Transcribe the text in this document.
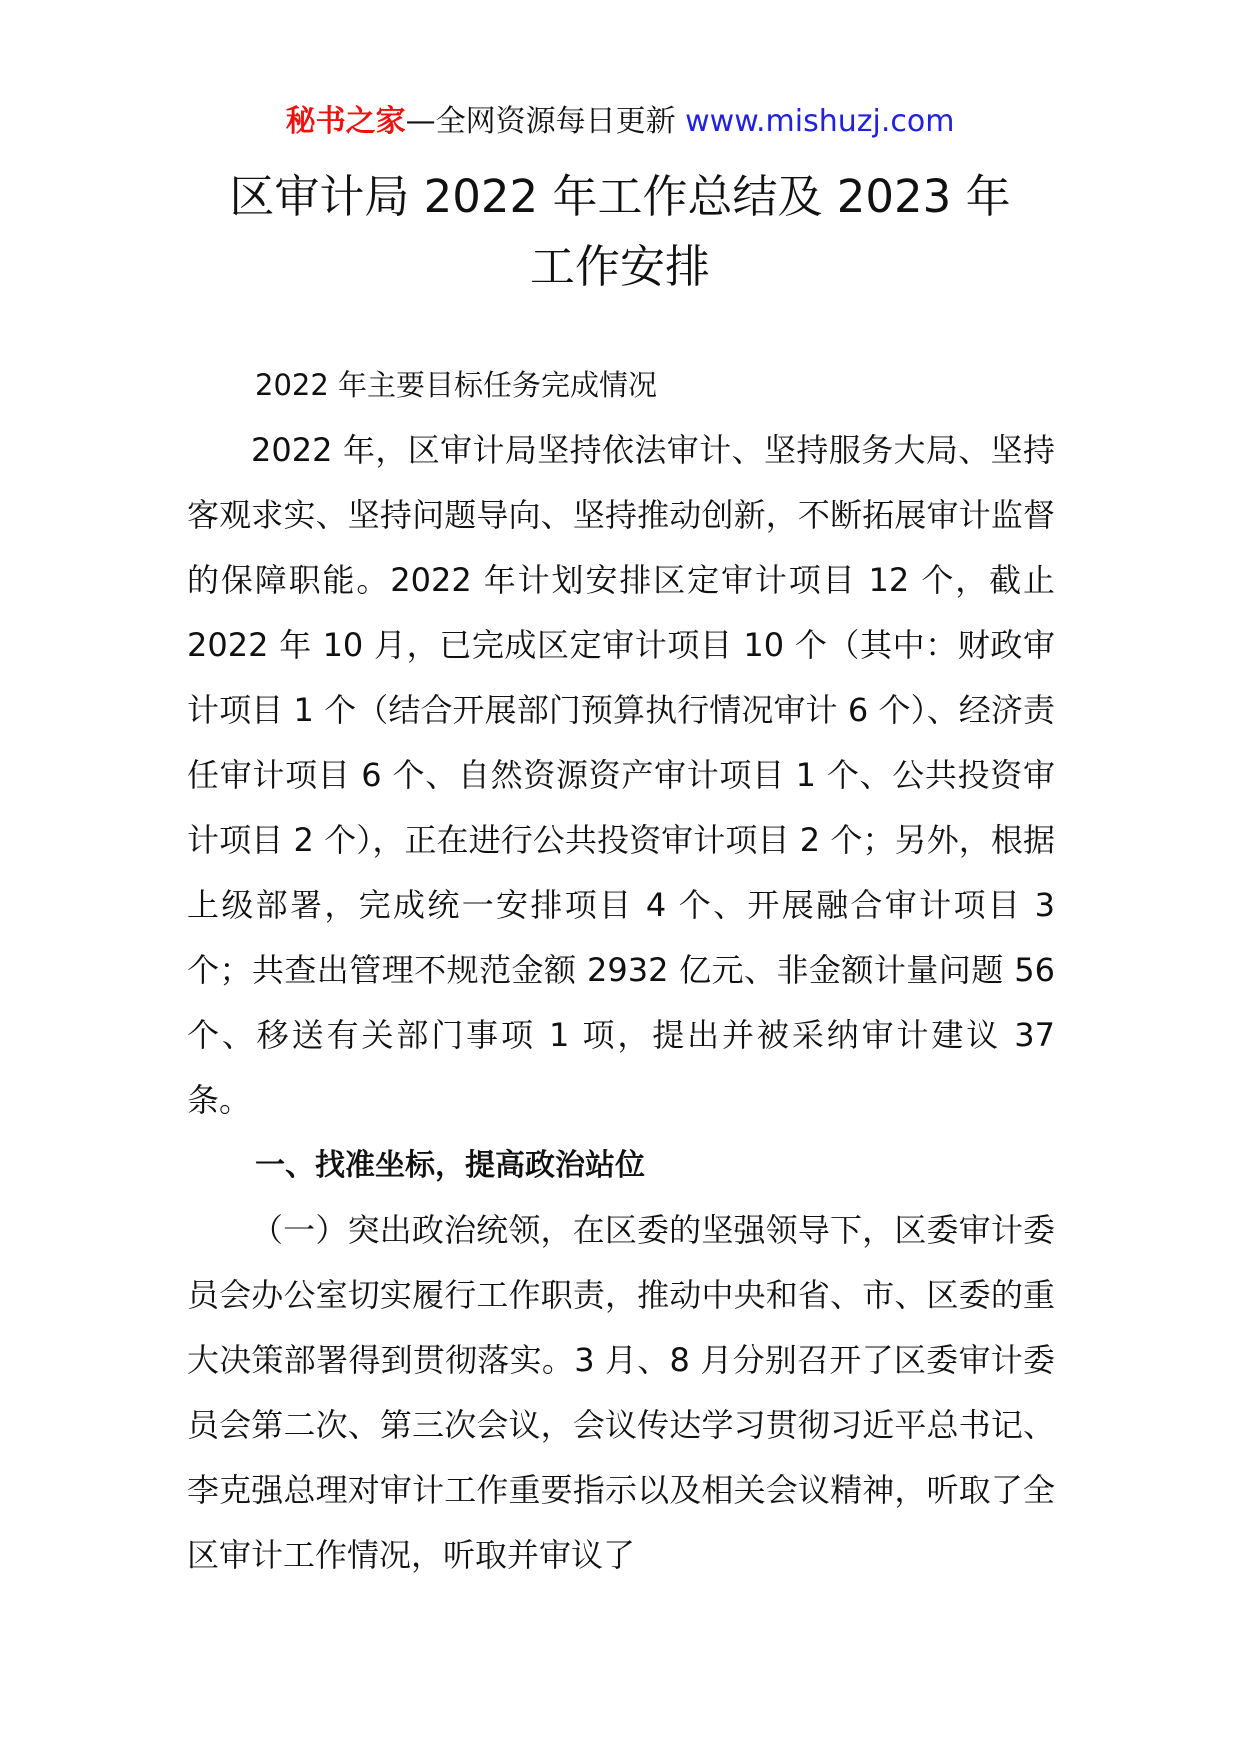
秘书之家—全网资源每日更新 www.mishuzj.com
区审计局 2022 年工作总结及 2023 年
工作安排

2022 年主要目标任务完成情况

2022 年，区审计局坚持依法审计、坚持服务大局、坚持客观求实、坚持问题导向、坚持推动创新，不断拓展审计监督的保障职能。2022 年计划安排区定审计项目 12 个，截止 2022 年 10 月，已完成区定审计项目 10 个（其中：财政审计项目 1 个（结合开展部门预算执行情况审计 6 个）、经济责任审计项目 6 个、自然资源资产审计项目 1 个、公共投资审计项目 2 个），正在进行公共投资审计项目 2 个；另外，根据上级部署，完成统一安排项目 4 个、开展融合审计项目 3 个；共查出管理不规范金额 2932 亿元、非金额计量问题 56 个、移送有关部门事项 1 项，提出并被采纳审计建议 37 条。

一、找准坐标，提高政治站位

（一）突出政治统领，在区委的坚强领导下，区委审计委员会办公室切实履行工作职责，推动中央和省、市、区委的重大决策部署得到贯彻落实。3 月、8 月分别召开了区委审计委员会第二次、第三次会议，会议传达学习贯彻习近平总书记、李克强总理对审计工作重要指示以及相关会议精神，听取了全区审计工作情况，听取并审议了
